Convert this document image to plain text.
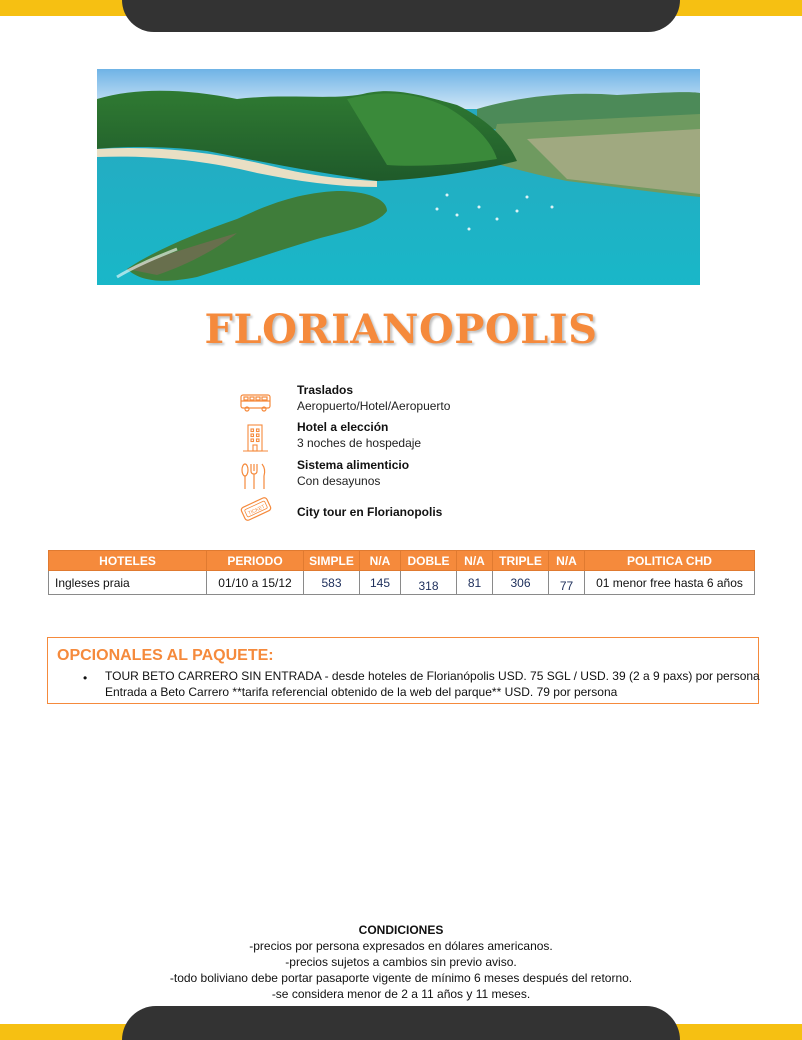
FLORIANOPOLIS
Traslados
Aeropuerto/Hotel/Aeropuerto
Hotel a elección
3 noches de hospedaje
Sistema alimenticio
Con desayunos
TICKET	City tour en Florianopolis
HOTELES	PERIODO	SIMPLE	N/A	DOBLE	N/A	TRIPLE	N/A	POLITICA CHD
Ingleses praia	01/10 a 15/12	583	145	318	81	306	77	01 menor free hasta 6 años
OPCIONALES AL PAQUETE:
• TOUR BETO CARRERO SIN ENTRADA - desde hoteles de Florianópolis USD. 75 SGL / USD. 39 (2 a 9 paxs) por persona
Entrada a Beto Carrero **tarifa referencial obtenido de la web del parque** USD. 79 por persona
CONDICIONES
-precios por persona expresados en dólares americanos.
-precios sujetos a cambios sin previo aviso.
-todo boliviano debe portar pasaporte vigente de mínimo 6 meses después del retorno.
-se considera menor de 2 a 11 años y 11 meses.
